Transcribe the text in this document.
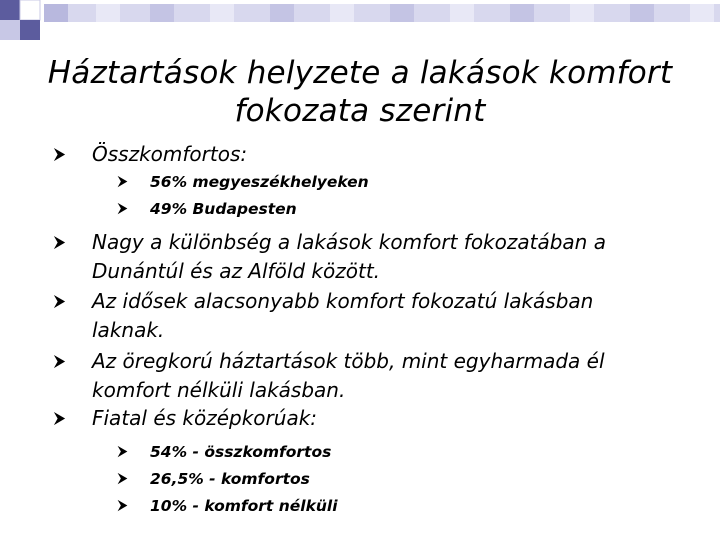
Háztartások helyzete a lakások komfort
fokozata szerint
Összkomfortos:
56% megyeszékhelyeken
49% Budapesten
Nagy a különbség a lakások komfort fokozatában a
Dunántúl és az Alföld között.
Az idősek alacsonyabb komfort fokozatú lakásban
laknak.
Az öregkorú háztartások több, mint egyharmada él
komfort nélküli lakásban.
Fiatal és középkorúak:
54% - összkomfortos
26,5% - komfortos
10% - komfort nélküli
